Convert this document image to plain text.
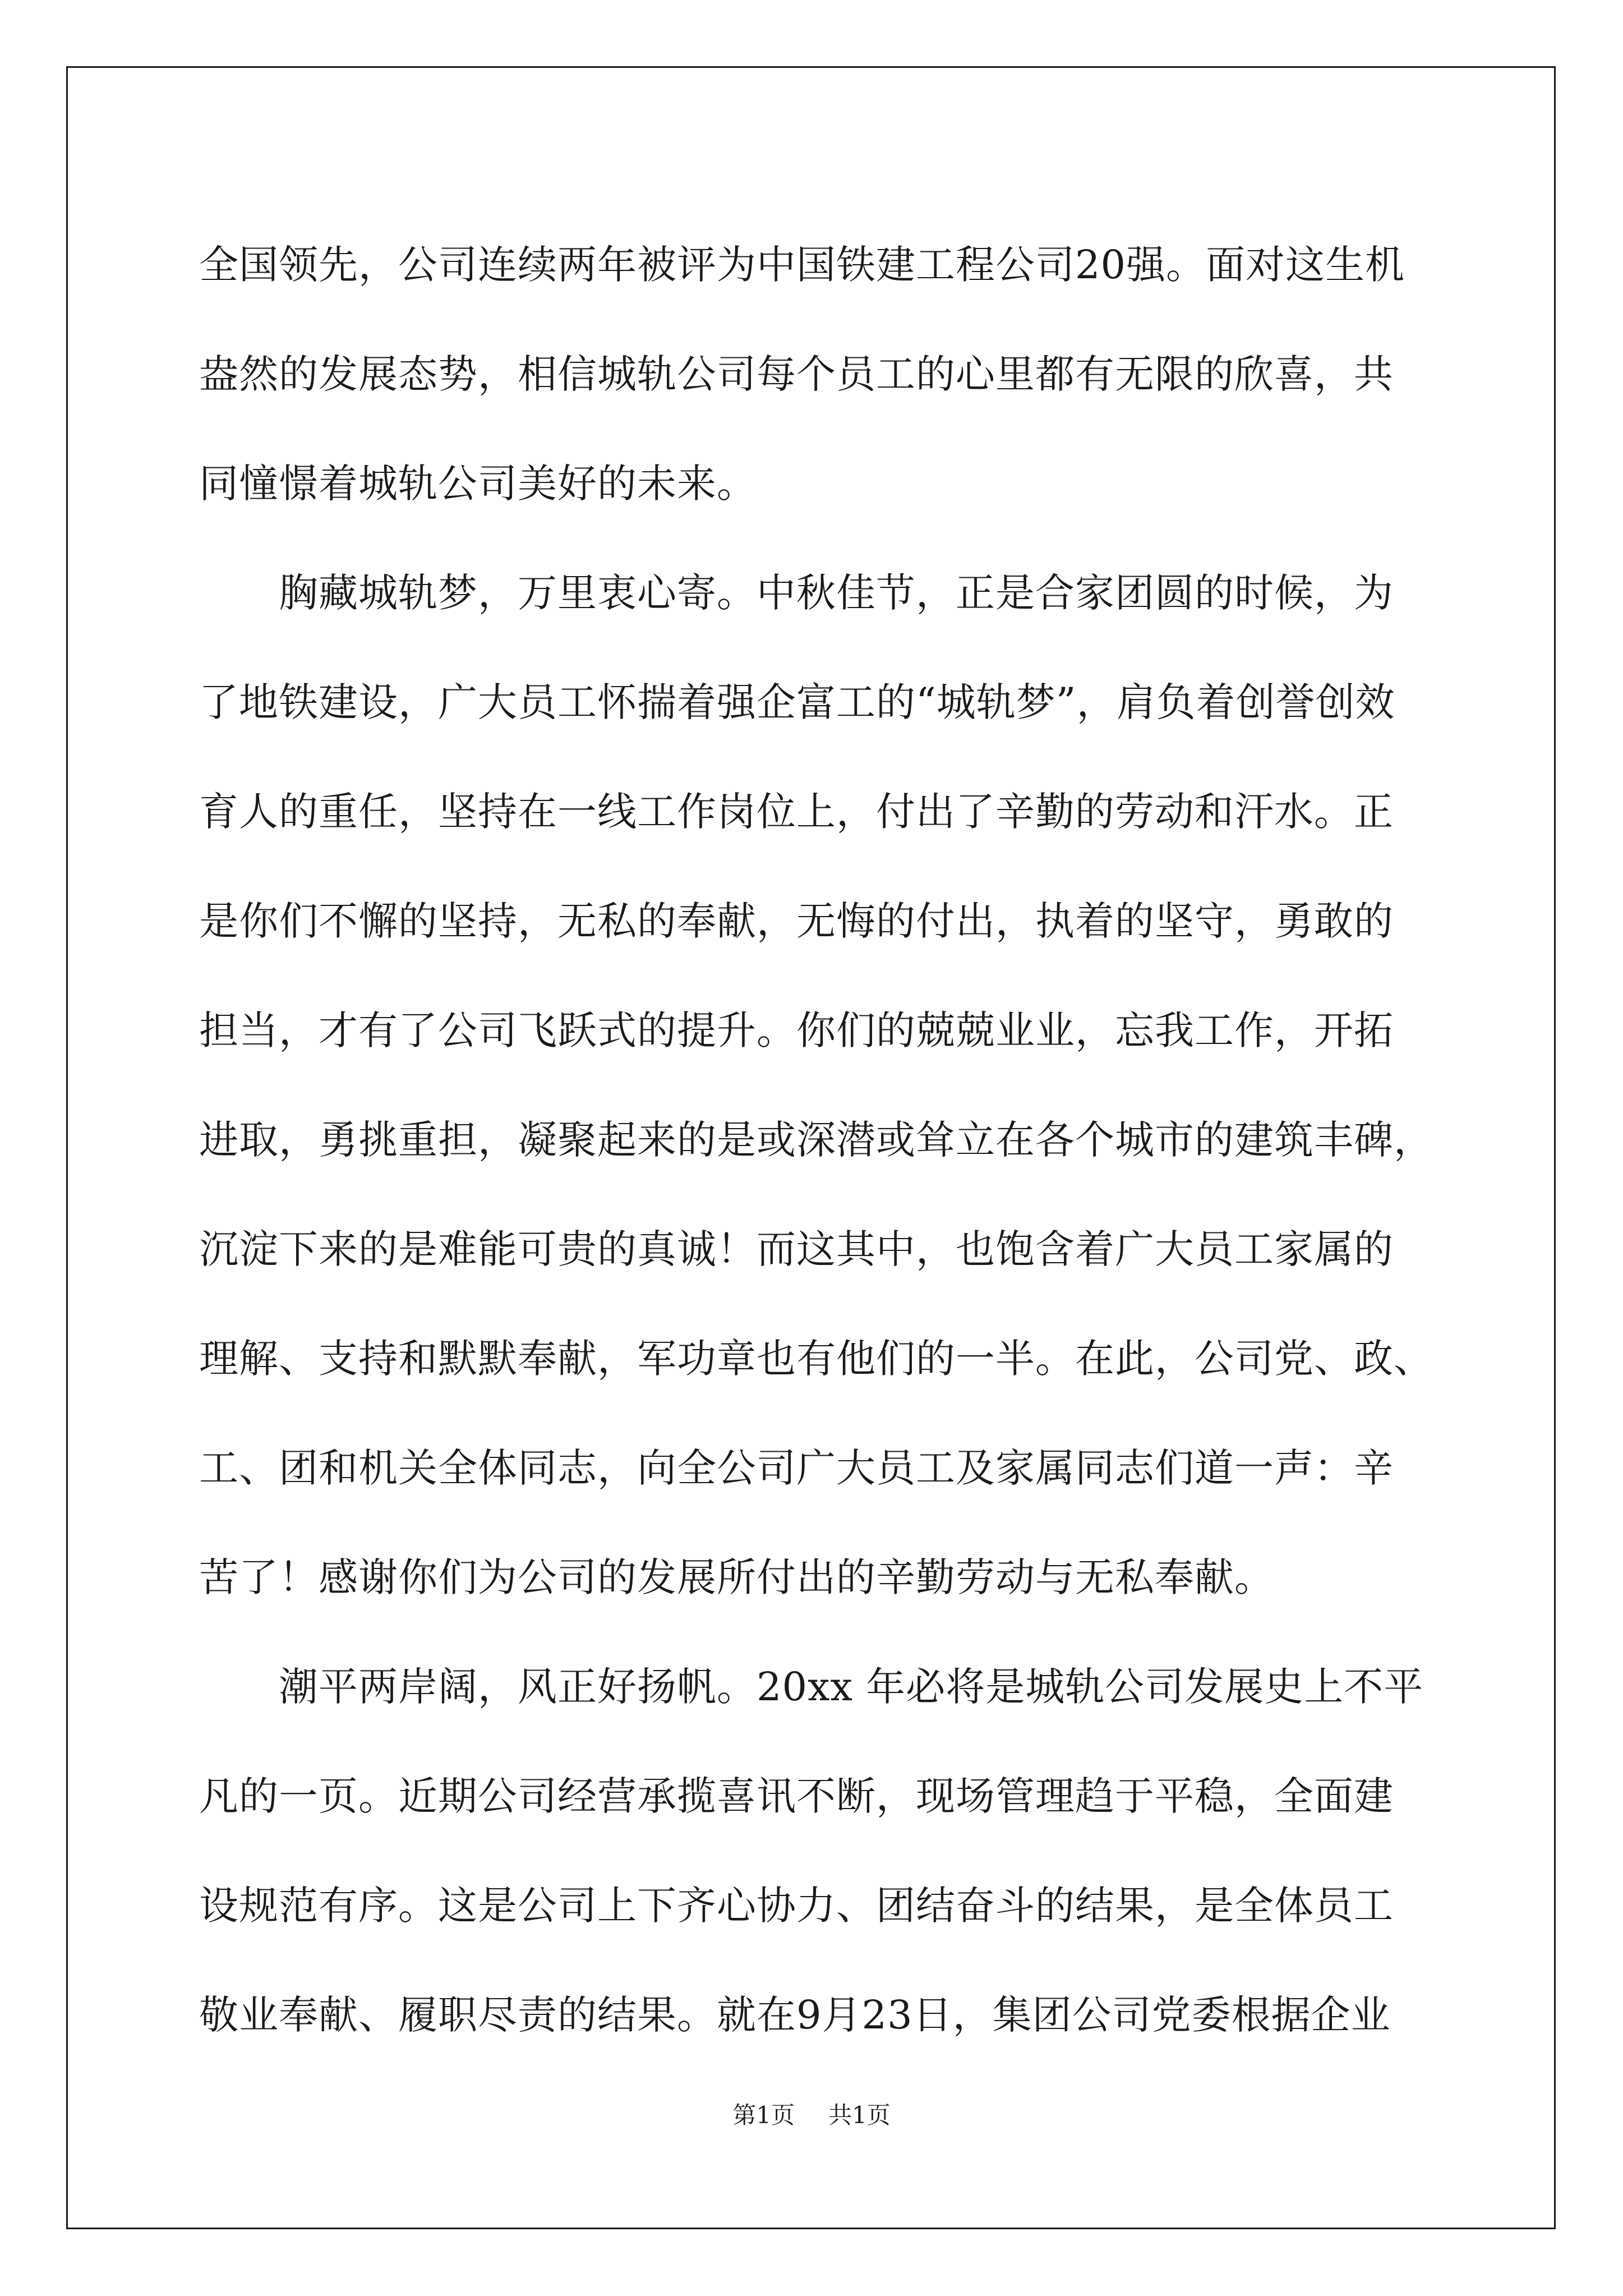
全国领先，公司连续两年被评为中国铁建工程公司20强。面对这生机
盎然的发展态势，相信城轨公司每个员工的心里都有无限的欣喜，共
同憧憬着城轨公司美好的未来。
　　胸藏城轨梦，万里衷心寄。中秋佳节，正是合家团圆的时候，为
了地铁建设，广大员工怀揣着强企富工的“城轨梦”，肩负着创誉创效
育人的重任，坚持在一线工作岗位上，付出了辛勤的劳动和汗水。正
是你们不懈的坚持，无私的奉献，无悔的付出，执着的坚守，勇敢的
担当，才有了公司飞跃式的提升。你们的兢兢业业，忘我工作，开拓
进取，勇挑重担，凝聚起来的是或深潜或耸立在各个城市的建筑丰碑，
沉淀下来的是难能可贵的真诚！而这其中，也饱含着广大员工家属的
理解、支持和默默奉献，军功章也有他们的一半。在此，公司党、政、
工、团和机关全体同志，向全公司广大员工及家属同志们道一声：辛
苦了！感谢你们为公司的发展所付出的辛勤劳动与无私奉献。
　　潮平两岸阔，风正好扬帆。20xx 年必将是城轨公司发展史上不平
凡的一页。近期公司经营承揽喜讯不断，现场管理趋于平稳，全面建
设规范有序。这是公司上下齐心协力、团结奋斗的结果，是全体员工
敬业奉献、履职尽责的结果。就在9月23日，集团公司党委根据企业
第1页 共1页
